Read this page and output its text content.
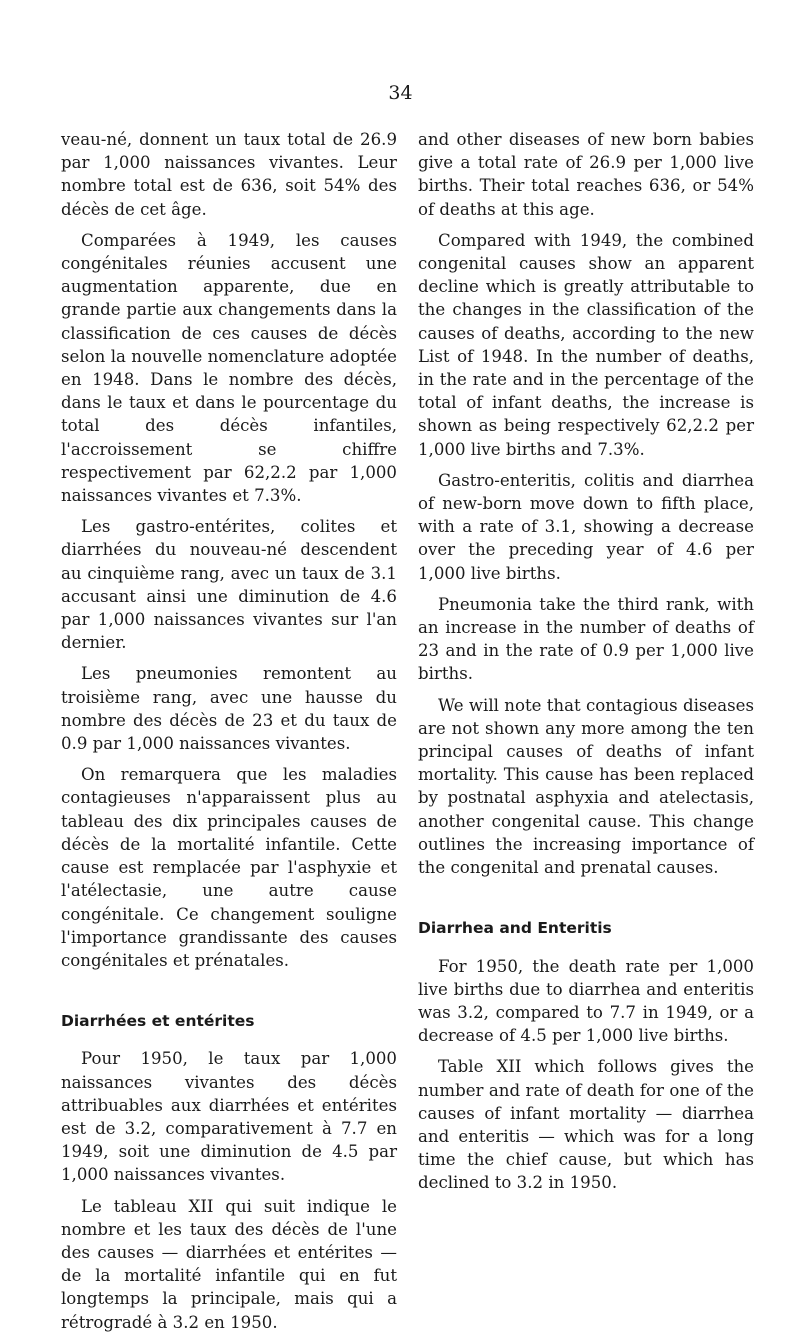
34

veau-né, donnent un taux total de 26.9 par 1,000 naissances vivantes. Leur nombre total est de 636, soit 54% des décès de cet âge.

Comparées à 1949, les causes congénitales réunies accusent une augmentation apparente, due en grande partie aux changements dans la classification de ces causes de décès selon la nouvelle nomenclature adoptée en 1948. Dans le nombre des décès, dans le taux et dans le pourcentage du total des décès infantiles, l'accroissement se chiffre respectivement par 62,2.2 par 1,000 naissances vivantes et 7.3%.

Les gastro-entérites, colites et diarrhées du nouveau-né descendent au cinquième rang, avec un taux de 3.1 accusant ainsi une diminution de 4.6 par 1,000 naissances vivantes sur l'an dernier.

Les pneumonies remontent au troisième rang, avec une hausse du nombre des décès de 23 et du taux de 0.9 par 1,000 naissances vivantes.

On remarquera que les maladies contagieuses n'apparaissent plus au tableau des dix principales causes de décès de la mortalité infantile. Cette cause est remplacée par l'asphyxie et l'atélectasie, une autre cause congénitale. Ce changement souligne l'importance grandissante des causes congénitales et prénatales.

Diarrhées et entérites

Pour 1950, le taux par 1,000 naissances vivantes des décès attribuables aux diarrhées et entérites est de 3.2, comparativement à 7.7 en 1949, soit une diminution de 4.5 par 1,000 naissances vivantes.

Le tableau XII qui suit indique le nombre et les taux des décès de l'une des causes — diarrhées et entérites — de la mortalité infantile qui en fut longtemps la principale, mais qui a rétrogradé à 3.2 en 1950.

and other diseases of new born babies give a total rate of 26.9 per 1,000 live births. Their total reaches 636, or 54% of deaths at this age.

Compared with 1949, the combined congenital causes show an apparent decline which is greatly attributable to the changes in the classification of the causes of deaths, according to the new List of 1948. In the number of deaths, in the rate and in the percentage of the total of infant deaths, the increase is shown as being respectively 62,2.2 per 1,000 live births and 7.3%.

Gastro-enteritis, colitis and diarrhea of new-born move down to fifth place, with a rate of 3.1, showing a decrease over the preceding year of 4.6 per 1,000 live births.

Pneumonia take the third rank, with an increase in the number of deaths of 23 and in the rate of 0.9 per 1,000 live births.

We will note that contagious diseases are not shown any more among the ten principal causes of deaths of infant mortality. This cause has been replaced by postnatal asphyxia and atelectasis, another congenital cause. This change outlines the increasing importance of the congenital and prenatal causes.

Diarrhea and Enteritis

For 1950, the death rate per 1,000 live births due to diarrhea and enteritis was 3.2, compared to 7.7 in 1949, or a decrease of 4.5 per 1,000 live births.

Table XII which follows gives the number and rate of death for one of the causes of infant mortality — diarrhea and enteritis — which was for a long time the chief cause, but which has declined to 3.2 in 1950.
